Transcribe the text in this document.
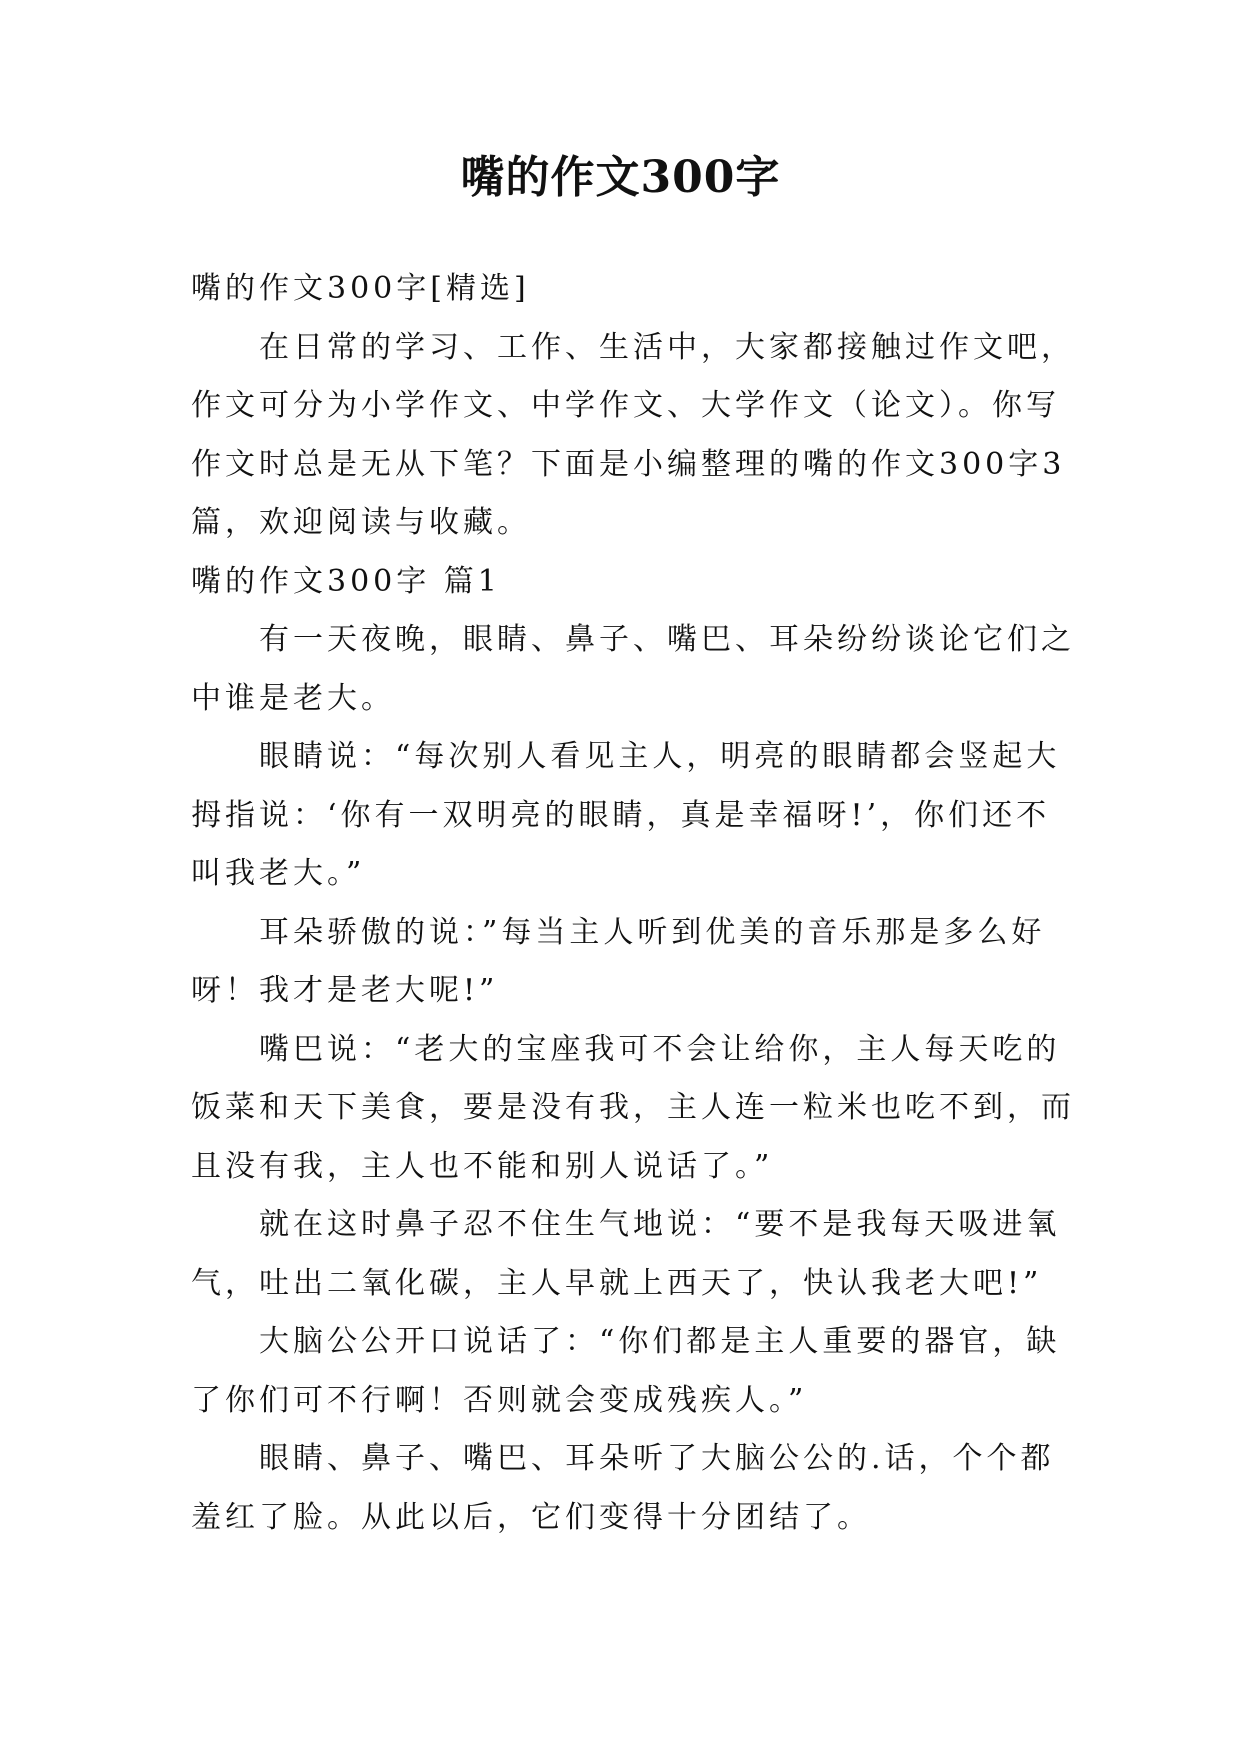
嘴的作文300字

嘴的作文300字[精选]

　　在日常的学习、工作、生活中，大家都接触过作文吧，

作文可分为小学作文、中学作文、大学作文（论文）。你写

作文时总是无从下笔？下面是小编整理的嘴的作文300字3

篇，欢迎阅读与收藏。

嘴的作文300字 篇1

　　有一天夜晚，眼睛、鼻子、嘴巴、耳朵纷纷谈论它们之

中谁是老大。

　　眼睛说：“每次别人看见主人，明亮的眼睛都会竖起大

拇指说：‘你有一双明亮的眼睛，真是幸福呀!’，你们还不

叫我老大。”

　　耳朵骄傲的说：”每当主人听到优美的音乐那是多么好

呀！我才是老大呢!”

　　嘴巴说：“老大的宝座我可不会让给你，主人每天吃的

饭菜和天下美食，要是没有我，主人连一粒米也吃不到，而

且没有我，主人也不能和别人说话了。”

　　就在这时鼻子忍不住生气地说：“要不是我每天吸进氧

气，吐出二氧化碳，主人早就上西天了，快认我老大吧!”

　　大脑公公开口说话了：“你们都是主人重要的器官，缺

了你们可不行啊！否则就会变成残疾人。”

　　眼睛、鼻子、嘴巴、耳朵听了大脑公公的.话，个个都

羞红了脸。从此以后，它们变得十分团结了。
